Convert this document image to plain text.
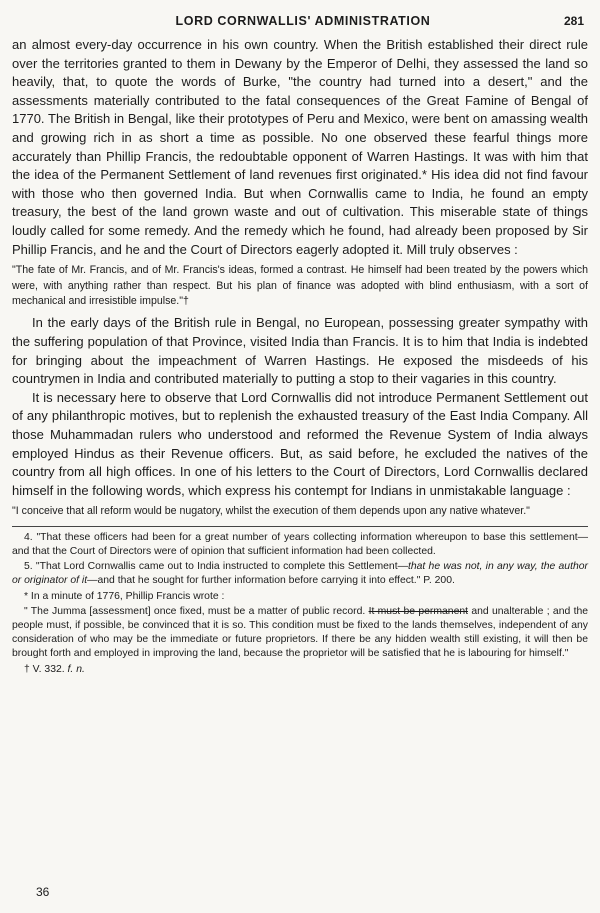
LORD CORNWALLIS' ADMINISTRATION	281

an almost every-day occurrence in his own country. When the British established their direct rule over the territories granted to them in Dewany by the Emperor of Delhi, they assessed the land so heavily, that, to quote the words of Burke, "the country had turned into a desert," and the assessments materially contributed to the fatal consequences of the Great Famine of Bengal of 1770. The British in Bengal, like their prototypes of Peru and Mexico, were bent on amassing wealth and growing rich in as short a time as possible. No one observed these fearful things more accurately than Phillip Francis, the redoubtable opponent of Warren Hastings. It was with him that the idea of the Permanent Settlement of land revenues first originated.* His idea did not find favour with those who then governed India. But when Cornwallis came to India, he found an empty treasury, the best of the land grown waste and out of cultivation. This miserable state of things loudly called for some remedy. And the remedy which he found, had already been proposed by Sir Phillip Francis, and he and the Court of Directors eagerly adopted it. Mill truly observes :

"The fate of Mr. Francis, and of Mr. Francis's ideas, formed a contrast. He himself had been treated by the powers which were, with anything rather than respect. But his plan of finance was adopted with blind enthusiasm, with a sort of mechanical and irresistible impulse."†

In the early days of the British rule in Bengal, no European, possessing greater sympathy with the suffering population of that Province, visited India than Francis. It is to him that India is indebted for bringing about the impeachment of Warren Hastings. He exposed the misdeeds of his countrymen in India and contributed materially to putting a stop to their vagaries in this country.

It is necessary here to observe that Lord Cornwallis did not introduce Permanent Settlement out of any philanthropic motives, but to replenish the exhausted treasury of the East India Company. All those Muhammadan rulers who understood and reformed the Revenue System of India always employed Hindus as their Revenue officers. But, as said before, he excluded the natives of the country from all high offices. In one of his letters to the Court of Directors, Lord Cornwallis declared himself in the following words, which express his contempt for Indians in unmistakable language :

"I conceive that all reform would be nugatory, whilst the execution of them depends upon any native whatever."

4. "That these officers had been for a great number of years collecting information whereupon to base this settlement—and that the Court of Directors were of opinion that sufficient information had been collected.

5. "That Lord Cornwallis came out to India instructed to complete this Settlement—that he was not, in any way, the author or originator of it—and that he sought for further information before carrying it into effect." P. 200.

* In a minute of 1776, Phillip Francis wrote :

" The Jumma [assessment] once fixed, must be a matter of public record. It must be permanent and unalterable ; and the people must, if possible, be convinced that it is so. This condition must be fixed to the lands themselves, independent of any consideration of who may be the immediate or future proprietors. If there be any hidden wealth still existing, it will then be brought forth and employed in improving the land, because the proprietor will be satisfied that he is labouring for himself."

† V. 332. f. n.

36
